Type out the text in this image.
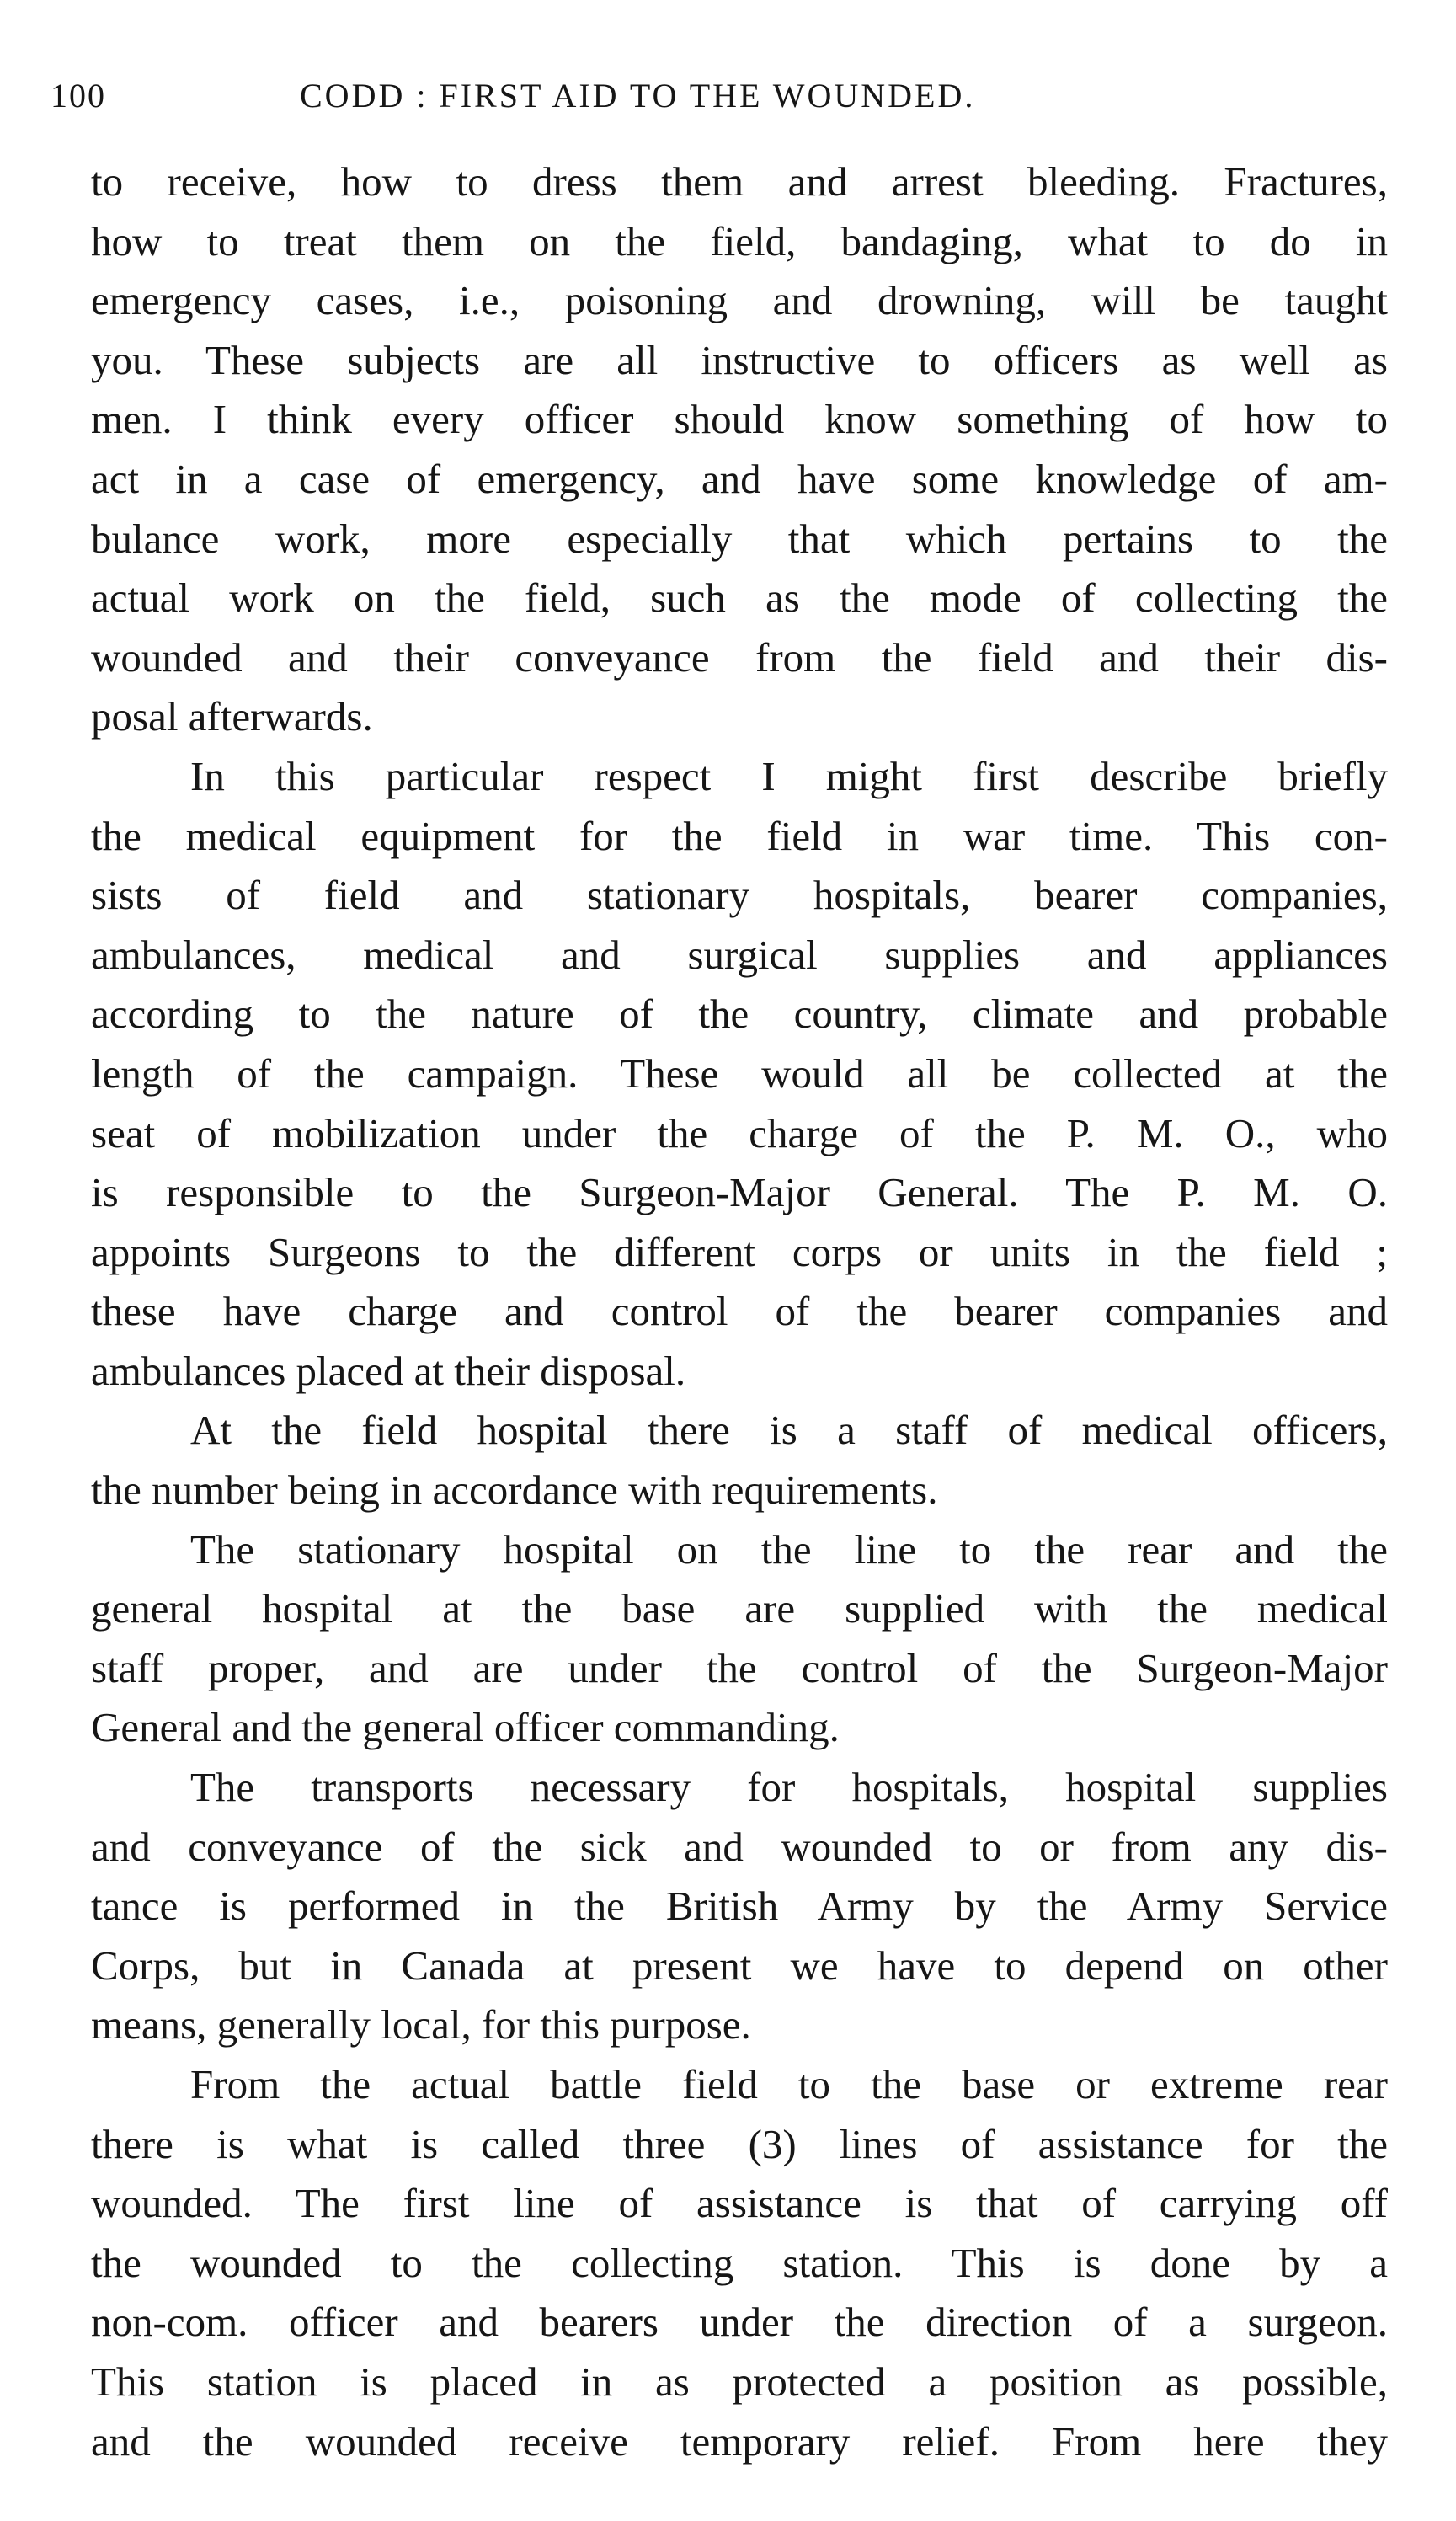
100	CODD : FIRST AID TO THE WOUNDED.
to receive, how to dress them and arrest bleeding. Fractures,
how to treat them on the field, bandaging, what to do in
emergency cases, i.e., poisoning and drowning, will be taught
you. These subjects are all instructive to officers as well as
men. I think every officer should know something of how to
act in a case of emergency, and have some knowledge of am-
bulance work, more especially that which pertains to the
actual work on the field, such as the mode of collecting the
wounded and their conveyance from the field and their dis-
posal afterwards.
In this particular respect I might first describe briefly
the medical equipment for the field in war time. This con-
sists of field and stationary hospitals, bearer companies,
ambulances, medical and surgical supplies and appliances
according to the nature of the country, climate and probable
length of the campaign. These would all be collected at the
seat of mobilization under the charge of the P. M. O., who
is responsible to the Surgeon-Major General. The P. M. O.
appoints Surgeons to the different corps or units in the field ;
these have charge and control of the bearer companies and
ambulances placed at their disposal.
At the field hospital there is a staff of medical officers,
the number being in accordance with requirements.
The stationary hospital on the line to the rear and the
general hospital at the base are supplied with the medical
staff proper, and are under the control of the Surgeon-Major
General and the general officer commanding.
The transports necessary for hospitals, hospital supplies
and conveyance of the sick and wounded to or from any dis-
tance is performed in the British Army by the Army Service
Corps, but in Canada at present we have to depend on other
means, generally local, for this purpose.
From the actual battle field to the base or extreme rear
there is what is called three (3) lines of assistance for the
wounded. The first line of assistance is that of carrying off
the wounded to the collecting station. This is done by a
non-com. officer and bearers under the direction of a surgeon.
This station is placed in as protected a position as possible,
and the wounded receive temporary relief. From here they
